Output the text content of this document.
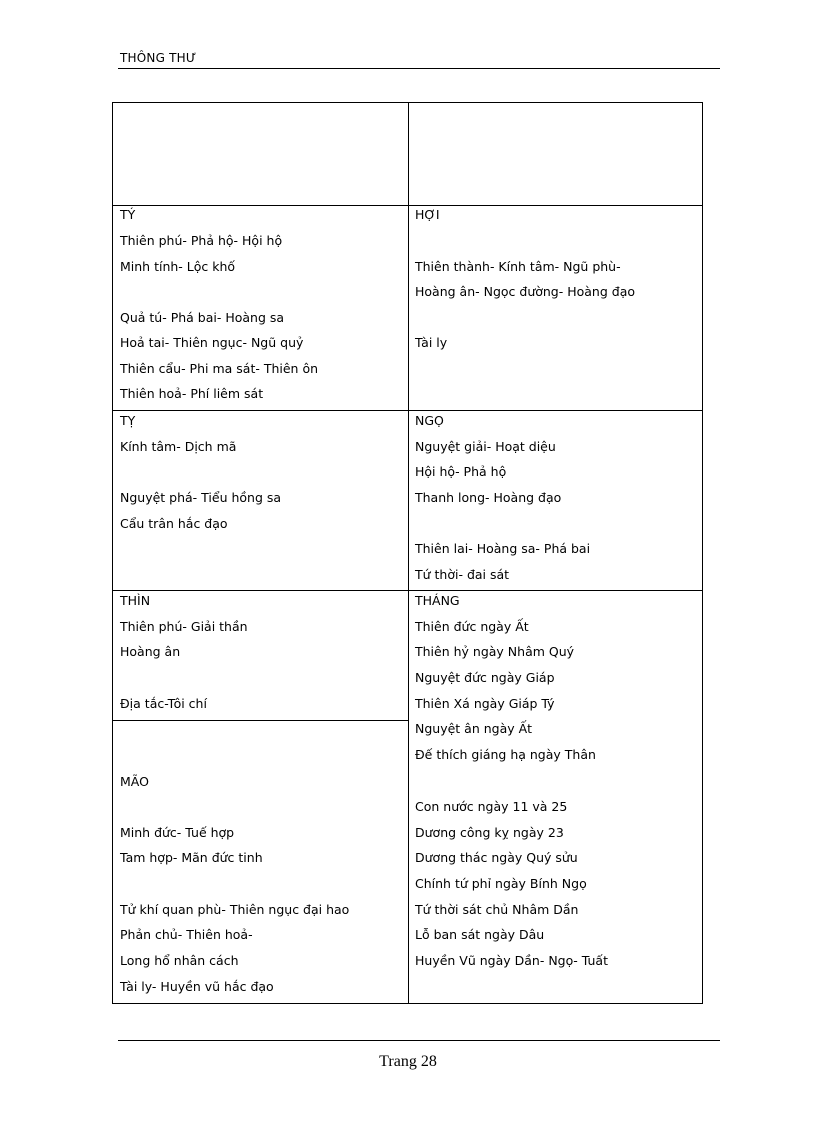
THÔNG THƯ
TÝ
Thiên phú- Phả hộ- Hội hộ
Minh tính- Lộc khố
Quả tú- Phá bai- Hoàng sa
Hoả tai- Thiên ngục- Ngũ quỷ
Thiên cẩu- Phi ma sát- Thiên ôn
Thiên hoả- Phí liêm sát
HỢI
Thiên thành- Kính tâm- Ngũ phù-
Hoàng ân- Ngọc đường- Hoàng đạo
Tài ly
TỴ
Kính tâm- Dịch mã
Nguyệt phá- Tiểu hồng sa
Cẩu trân hắc đạo
NGỌ
Nguyệt giải- Hoạt diệu
Hội hộ- Phả hộ
Thanh long- Hoàng đạo
Thiên lai- Hoàng sa- Phá bai
Tứ thời- đai sát
THÌN
Thiên phú- Giải thần
Hoàng ân
Địa tắc-Tôi chí
MÃO
Minh đức- Tuế hợp
Tam hợp- Mãn đức tinh
Tử khí quan phù- Thiên ngục đại hao
Phản chủ- Thiên hoả-
Long hổ nhân cách
Tài ly- Huyền vũ hắc đạo
THÁNG
Thiên đức ngày Ất
Thiên hỷ ngày Nhâm Quý
Nguyệt đức ngày Giáp
Thiên Xá ngày Giáp Tý
Nguyệt ân ngày Ất
Đế thích giáng hạ ngày Thân
Con nước ngày 11 và 25
Dương công kỵ ngày 23
Dương thác ngày Quý sửu
Chính tứ phỉ ngày Bính Ngọ
Tứ thời sát chủ Nhâm Dần
Lỗ ban sát ngày Dâu
Huyền Vũ ngày Dần- Ngọ- Tuất
Trang 28
